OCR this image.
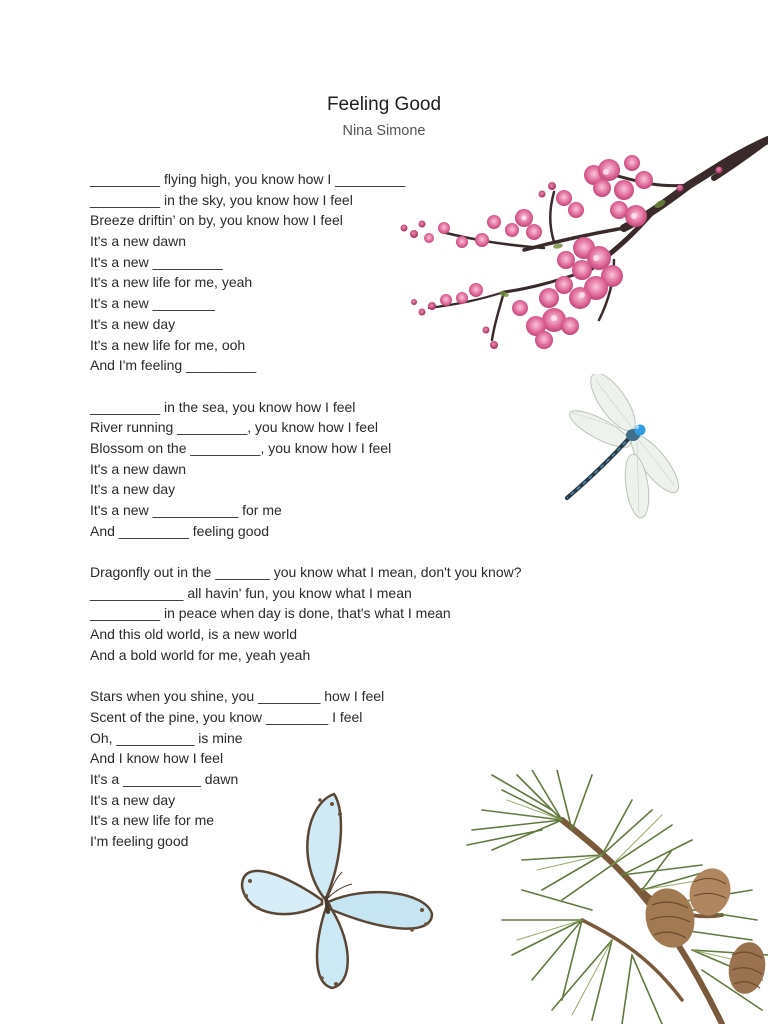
Feeling Good
Nina Simone
_________ flying high, you know how I _________
_________ in the sky, you know how I feel
Breeze driftin’ on by, you know how I feel
It's a new dawn
It's a new _________
It's a new life for me, yeah
It's a new ________
It's a new day
It's a new life for me, ooh
And I'm feeling _________
_________ in the sea, you know how I feel
River running _________, you know how I feel
Blossom on the _________, you know how I feel
It's a new dawn
It's a new day
It's a new ___________ for me
And _________ feeling good
Dragonfly out in the _______ you know what I mean, don't you know?
____________ all havin' fun, you know what I mean
_________ in peace when day is done, that's what I mean
And this old world, is a new world
And a bold world for me, yeah yeah
Stars when you shine, you ________ how I feel
Scent of the pine, you know ________ I feel
Oh, __________ is mine
And I know how I feel
It's a __________ dawn
It's a new day
It's a new life for me
I'm feeling good
